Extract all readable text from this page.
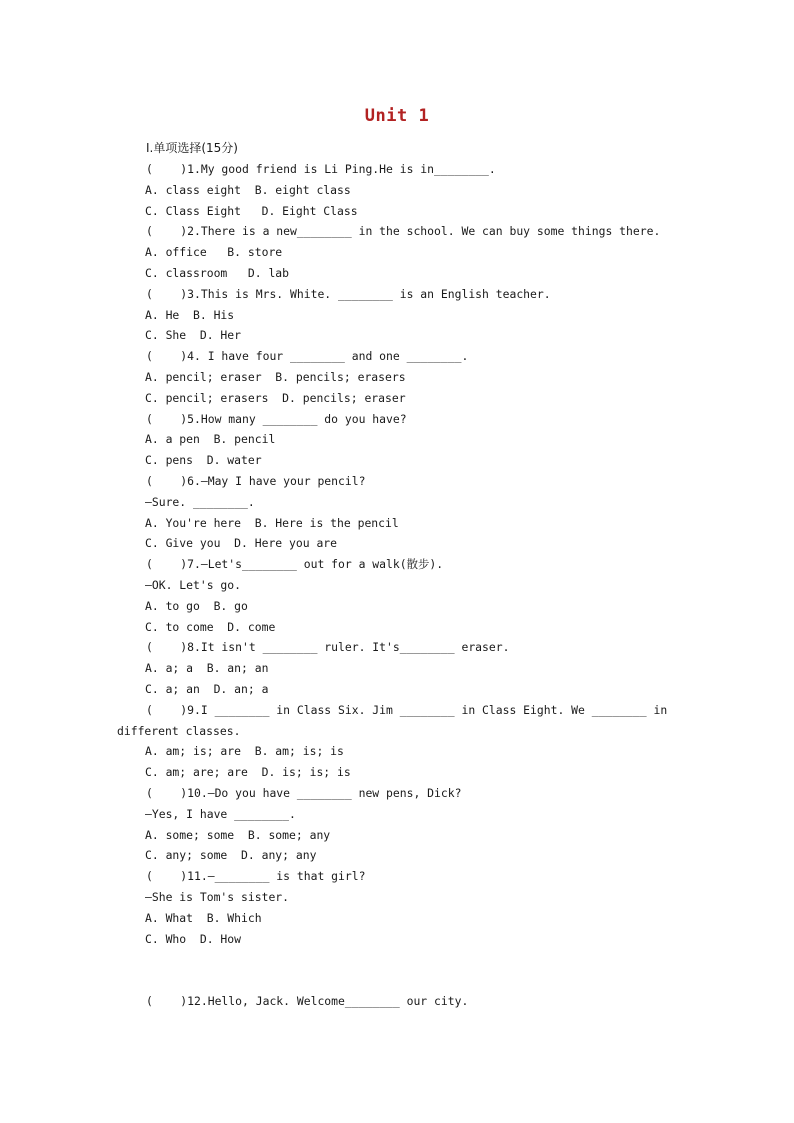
Unit 1
Ⅰ.单项选择(15分)
(    )1.My good friend is Li Ping.He is in________.
A. class eight  B. eight class
C. Class Eight   D. Eight Class
(    )2.There is a new________ in the school. We can buy some things there.
A. office   B. store
C. classroom   D. lab
(    )3.This is Mrs. White. ________ is an English teacher.
A. He  B. His
C. She  D. Her
(    )4. I have four ________ and one ________.
A. pencil; eraser  B. pencils; erasers
C. pencil; erasers  D. pencils; eraser
(    )5.How many ________ do you have?
A. a pen  B. pencil
C. pens  D. water
(    )6.—May I have your pencil?
—Sure. ________.
A. You're here  B. Here is the pencil
C. Give you  D. Here you are
(    )7.—Let's________ out for a walk(散步).
—OK. Let's go.
A. to go  B. go
C. to come  D. come
(    )8.It isn't ________ ruler. It's________ eraser.
A. a; a  B. an; an
C. a; an  D. an; a
(    )9.I ________ in Class Six. Jim ________ in Class Eight. We ________ in
different classes.
A. am; is; are  B. am; is; is
C. am; are; are  D. is; is; is
(    )10.—Do you have ________ new pens, Dick?
—Yes, I have ________.
A. some; some  B. some; any
C. any; some  D. any; any
(    )11.—________ is that girl?
—She is Tom's sister.
A. What  B. Which
C. Who  D. How
(    )12.Hello, Jack. Welcome________ our city.
